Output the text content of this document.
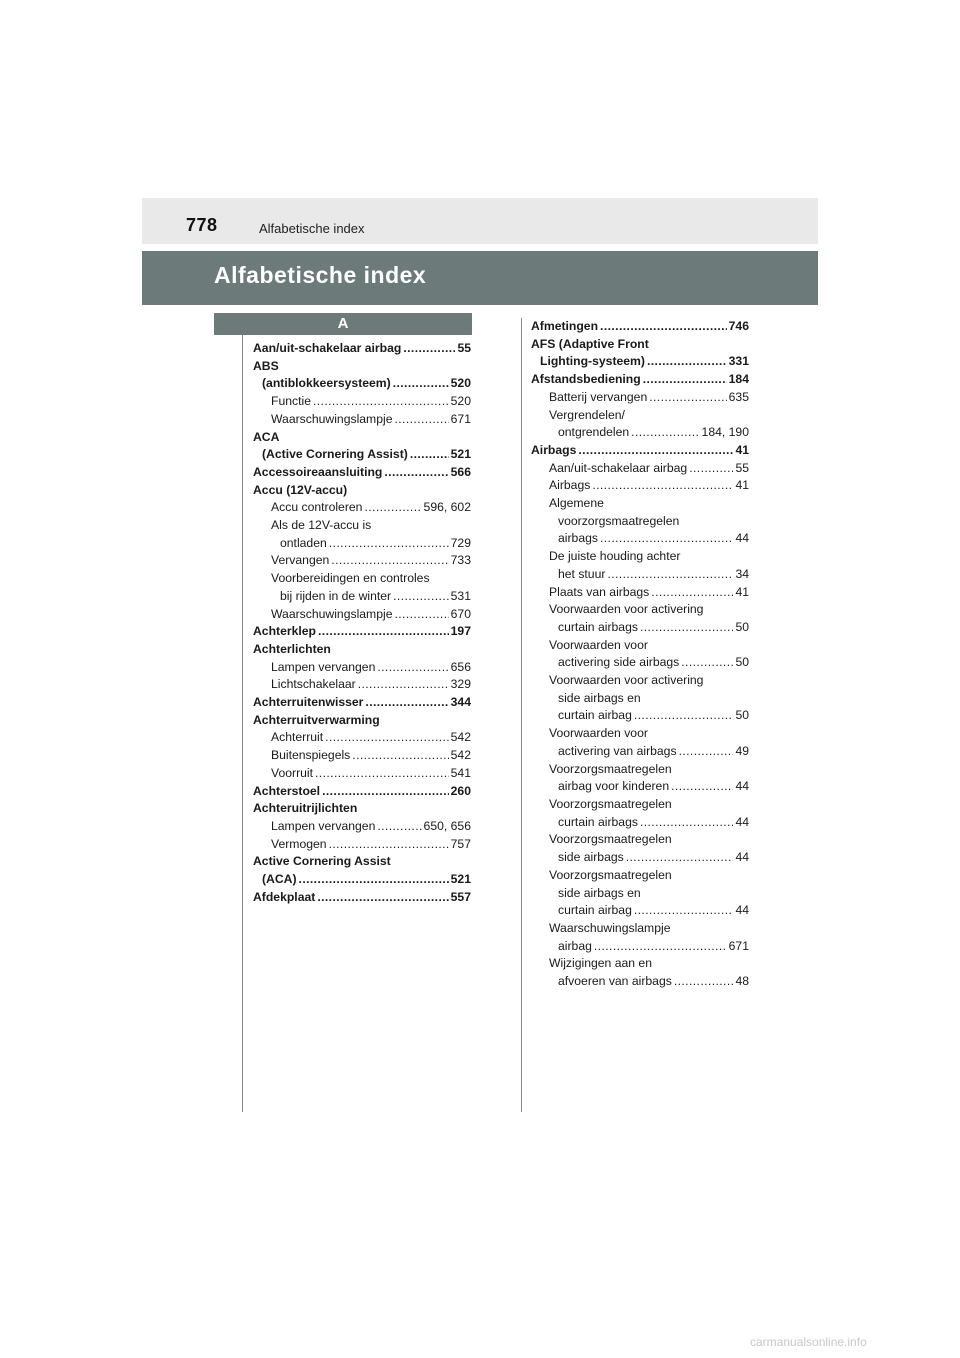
778	Alfabetische index
Alfabetische index
A
Aan/uit-schakelaar airbag .....	55
ABS
(antiblokkeersysteem) .....	520
Functie .....	520
Waarschuwingslampje .....	671
ACA
(Active Cornering Assist) .....	521
Accessoireaansluiting .....	566
Accu (12V-accu)
Accu controleren .....	596, 602
Als de 12V-accu is
ontladen .....	729
Vervangen .....	733
Voorbereidingen en controles
bij rijden in de winter .....	531
Waarschuwingslampje .....	670
Achterklep .....	197
Achterlichten
Lampen vervangen .....	656
Lichtschakelaar .....	329
Achterruitenwisser .....	344
Achterruitverwarming
Achterruit .....	542
Buitenspiegels .....	542
Voorruit .....	541
Achterstoel .....	260
Achteruitrijlichten
Lampen vervangen .....	650, 656
Vermogen .....	757
Active Cornering Assist
(ACA) .....	521
Afdekplaat .....	557
Afmetingen .....	746
AFS (Adaptive Front
Lighting-systeem) .....	331
Afstandsbediening .....	184
Batterij vervangen .....	635
Vergrendelen/
ontgrendelen .....	184, 190
Airbags .....	41
Aan/uit-schakelaar airbag .....	55
Airbags .....	41
Algemene
voorzorgsmaatregelen
airbags .....	44
De juiste houding achter
het stuur .....	34
Plaats van airbags .....	41
Voorwaarden voor activering
curtain airbags .....	50
Voorwaarden voor
activering side airbags .....	50
Voorwaarden voor activering
side airbags en
curtain airbag .....	50
Voorwaarden voor
activering van airbags .....	49
Voorzorgsmaatregelen
airbag voor kinderen .....	44
Voorzorgsmaatregelen
curtain airbags .....	44
Voorzorgsmaatregelen
side airbags .....	44
Voorzorgsmaatregelen
side airbags en
curtain airbag .....	44
Waarschuwingslampje
airbag .....	671
Wijzigingen aan en
afvoeren van airbags .....	48
carmanualsonline.info
